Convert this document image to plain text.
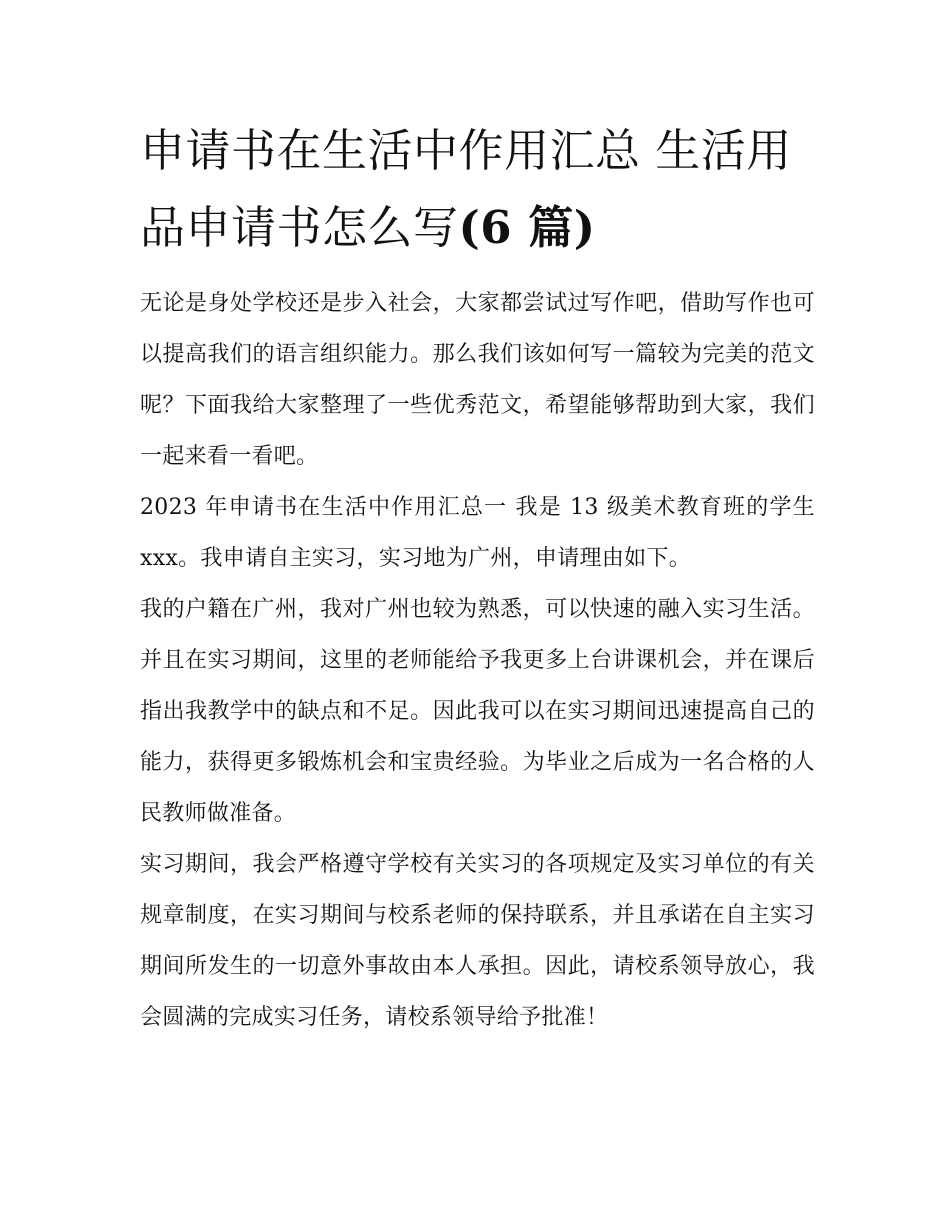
申请书在生活中作用汇总 生活用品申请书怎么写(6 篇)

无论是身处学校还是步入社会，大家都尝试过写作吧，借助写作也可以提高我们的语言组织能力。那么我们该如何写一篇较为完美的范文呢？下面我给大家整理了一些优秀范文，希望能够帮助到大家，我们一起来看一看吧。

2023 年申请书在生活中作用汇总一 我是 13 级美术教育班的学生 xxx。我申请自主实习，实习地为广州，申请理由如下。

我的户籍在广州，我对广州也较为熟悉，可以快速的融入实习生活。并且在实习期间，这里的老师能给予我更多上台讲课机会，并在课后指出我教学中的缺点和不足。因此我可以在实习期间迅速提高自己的能力，获得更多锻炼机会和宝贵经验。为毕业之后成为一名合格的人民教师做准备。

实习期间，我会严格遵守学校有关实习的各项规定及实习单位的有关规章制度，在实习期间与校系老师的保持联系，并且承诺在自主实习期间所发生的一切意外事故由本人承担。因此，请校系领导放心，我会圆满的完成实习任务，请校系领导给予批准！
